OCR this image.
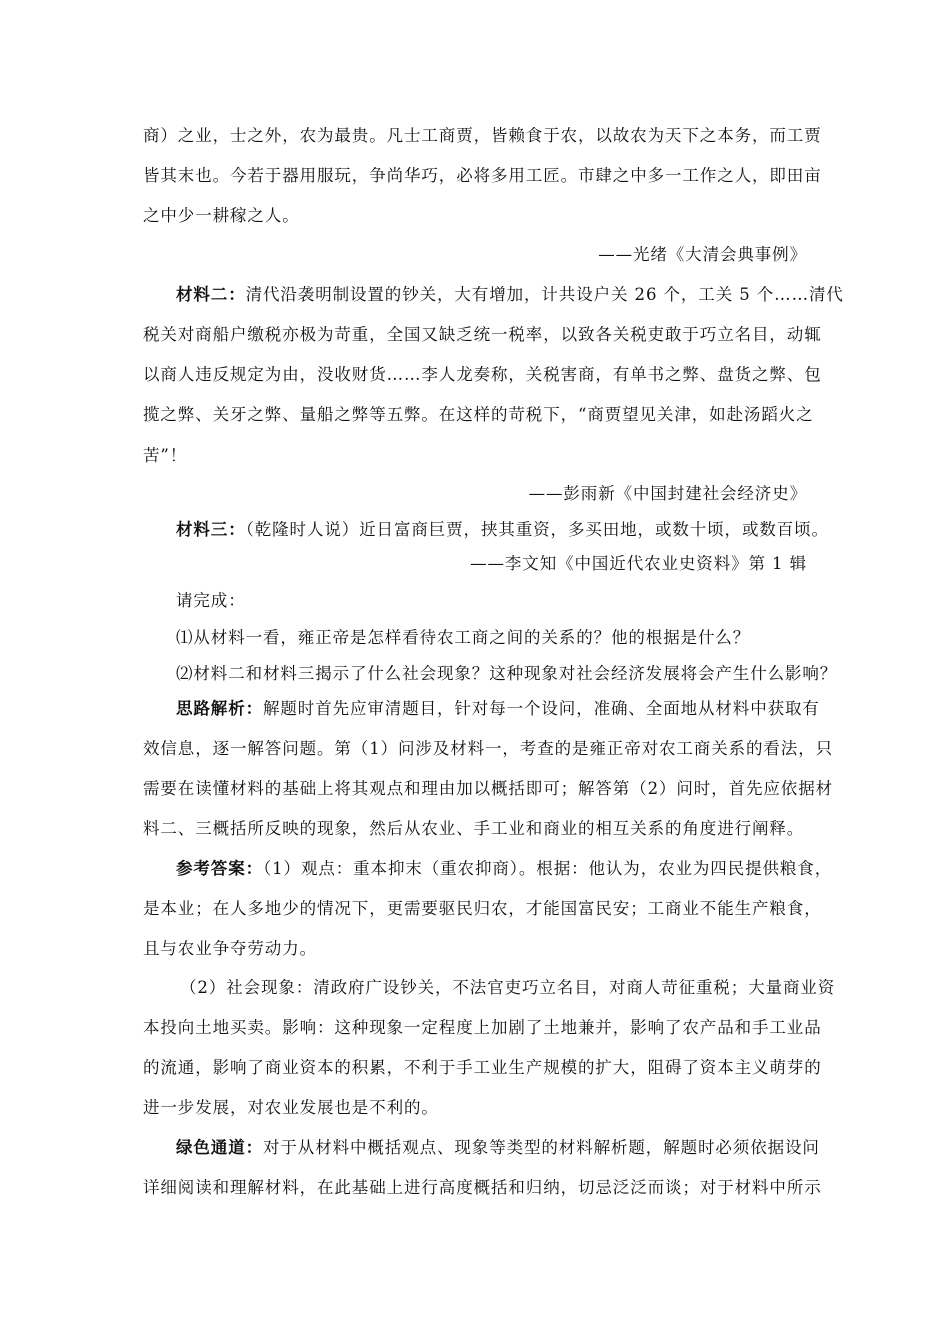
商）之业，士之外，农为最贵。凡士工商贾，皆赖食于农，以故农为天下之本务，而工贾
皆其末也。今若于器用服玩，争尚华巧，必将多用工匠。市肆之中多一工作之人，即田亩
之中少一耕稼之人。
——光绪《大清会典事例》
材料二：清代沿袭明制设置的钞关，大有增加，计共设户关 26 个，工关 5 个……清代
税关对商船户缴税亦极为苛重，全国又缺乏统一税率，以致各关税吏敢于巧立名目，动辄
以商人违反规定为由，没收财货……李人龙奏称，关税害商，有单书之弊、盘货之弊、包
揽之弊、关牙之弊、量船之弊等五弊。在这样的苛税下，“商贾望见关津，如赴汤蹈火之
苦”！
——彭雨新《中国封建社会经济史》
材料三：（乾隆时人说）近日富商巨贾，挟其重资，多买田地，或数十顷，或数百顷。
——李文知《中国近代农业史资料》第 1 辑
请完成：
⑴从材料一看，雍正帝是怎样看待农工商之间的关系的？他的根据是什么？
⑵材料二和材料三揭示了什么社会现象？这种现象对社会经济发展将会产生什么影响？
思路解析：解题时首先应审清题目，针对每一个设问，准确、全面地从材料中获取有
效信息，逐一解答问题。第（1）问涉及材料一，考查的是雍正帝对农工商关系的看法，只
需要在读懂材料的基础上将其观点和理由加以概括即可；解答第（2）问时，首先应依据材
料二、三概括所反映的现象，然后从农业、手工业和商业的相互关系的角度进行阐释。
参考答案：（1）观点：重本抑末（重农抑商）。根据：他认为，农业为四民提供粮食，
是本业；在人多地少的情况下，更需要驱民归农，才能国富民安；工商业不能生产粮食，
且与农业争夺劳动力。
（2）社会现象：清政府广设钞关，不法官吏巧立名目，对商人苛征重税；大量商业资
本投向土地买卖。影响：这种现象一定程度上加剧了土地兼并，影响了农产品和手工业品
的流通，影响了商业资本的积累，不利于手工业生产规模的扩大，阻碍了资本主义萌芽的
进一步发展，对农业发展也是不利的。
绿色通道：对于从材料中概括观点、现象等类型的材料解析题，解题时必须依据设问
详细阅读和理解材料，在此基础上进行高度概括和归纳，切忌泛泛而谈；对于材料中所示
